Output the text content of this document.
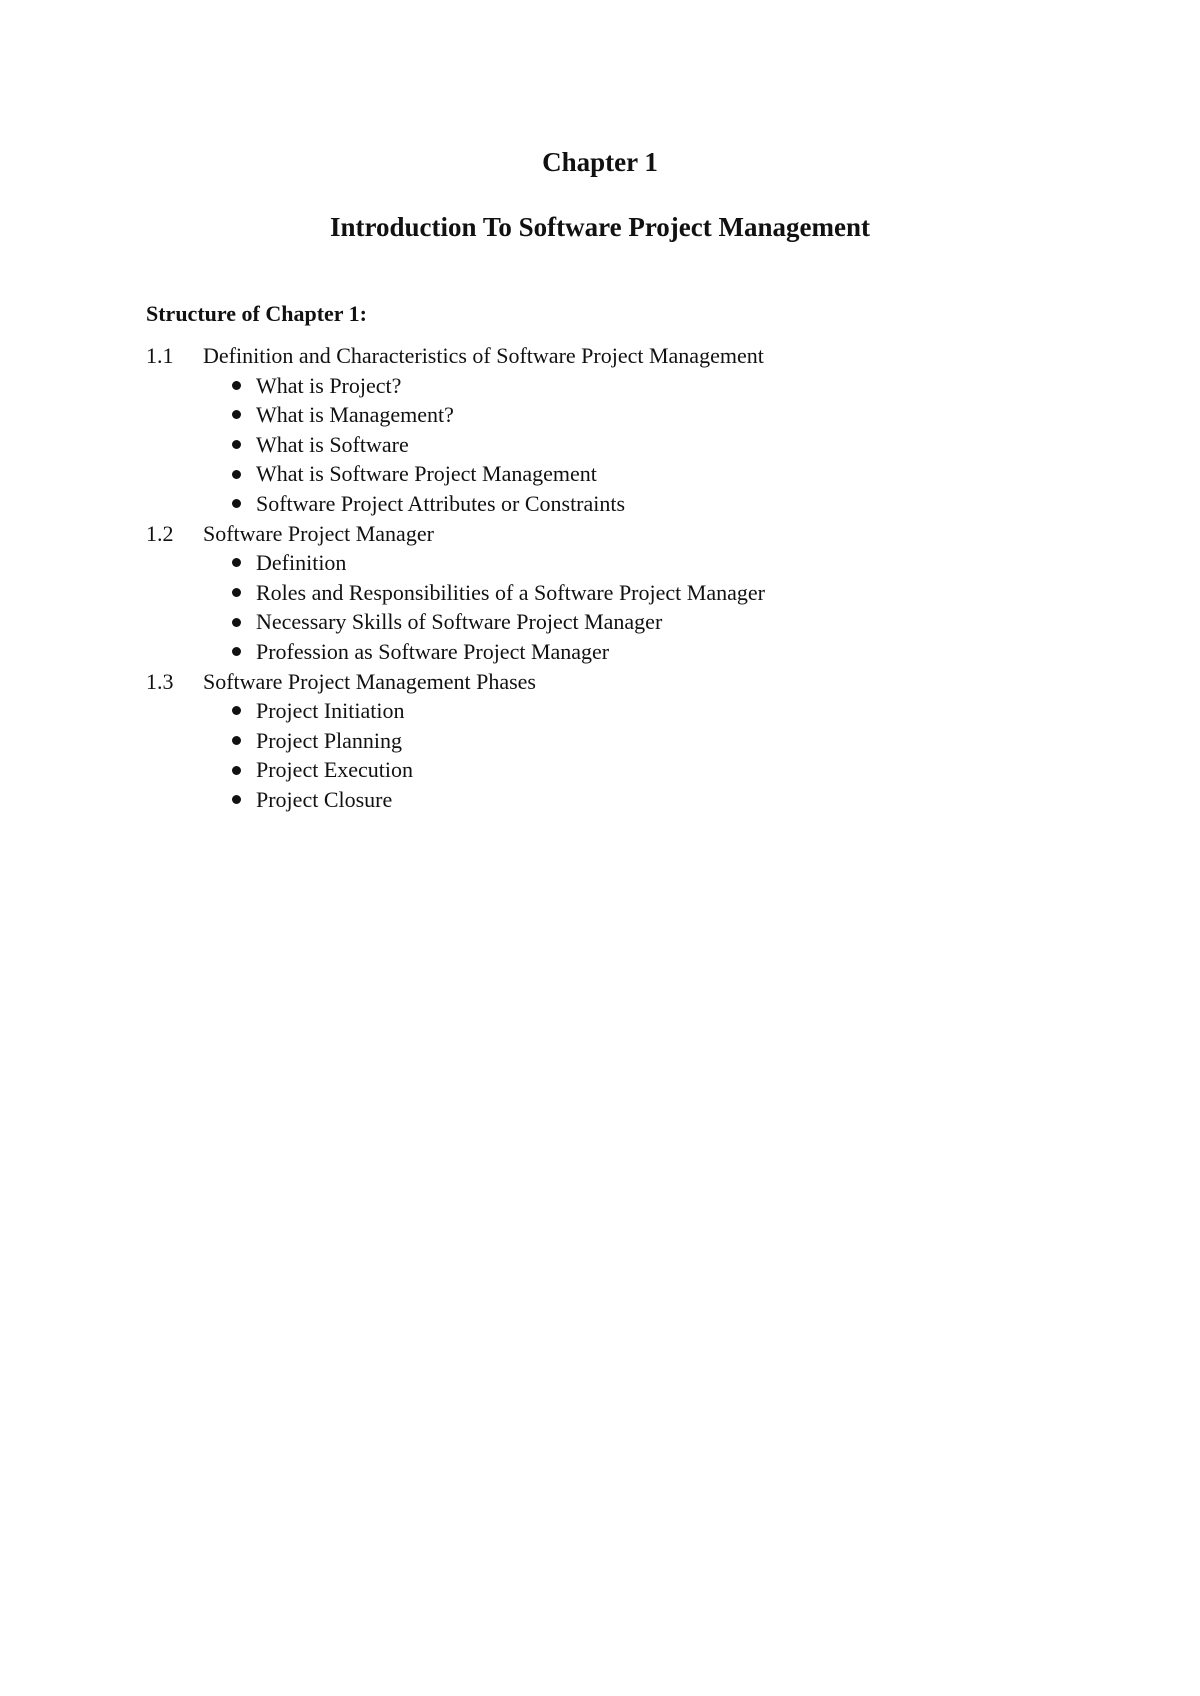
Chapter 1
Introduction To Software Project Management

Structure of Chapter 1:

1.1	Definition and Characteristics of Software Project Management
What is Project?
What is Management?
What is Software
What is Software Project Management
Software Project Attributes or Constraints
1.2	Software Project Manager
Definition
Roles and Responsibilities of a Software Project Manager
Necessary Skills of Software Project Manager
Profession as Software Project Manager
1.3	Software Project Management Phases
Project Initiation
Project Planning
Project Execution
Project Closure
